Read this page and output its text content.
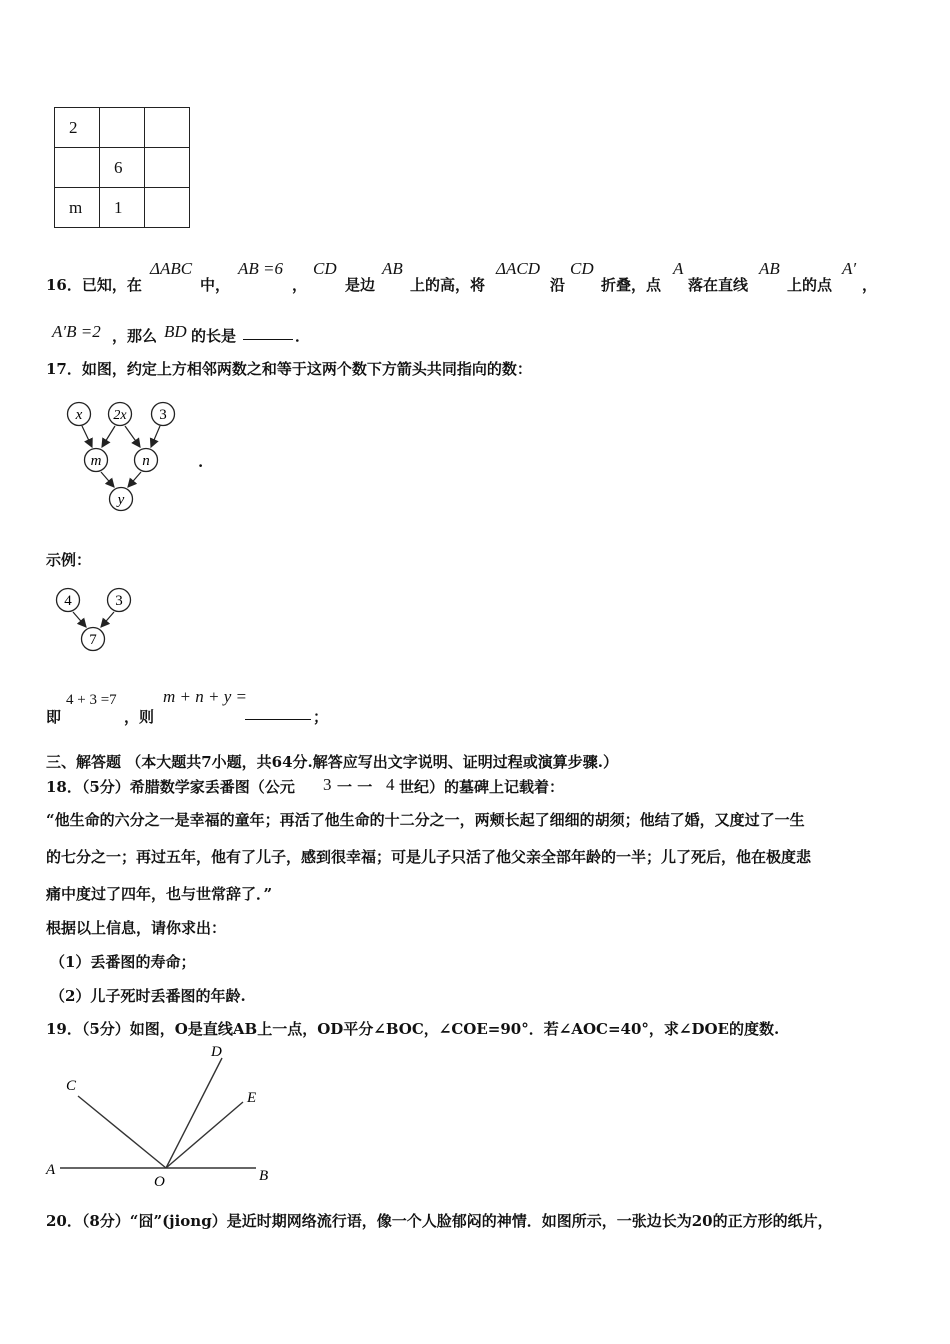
2		
	6	
m	1	
16．已知，在
ΔABC
中，
AB =6
，
CD
是边
AB
上的高，将
ΔACD
沿
CD
折叠，点
A
落在直线
AB
上的点
A′
，
A′B =2 ，那么 BD 的长是	．
17．如图，约定上方相邻两数之和等于这两个数下方箭头共同指向的数：
x 2x 3
m	n
y
.
示例：
4	3
7
即
4 + 3 =7
，则
m + n + y =
；
三、解答题 （本大题共7小题，共64分.解答应写出文字说明、证明过程或演算步骤.）
18．（5分）希腊数学家丢番图（公元 3 一 一 4 世纪）的墓碑上记载着：
“他生命的六分之一是幸福的童年；再活了他生命的十二分之一，两颊长起了细细的胡须；他结了婚，又度过了一生
的七分之一；再过五年，他有了儿子，感到很幸福；可是儿子只活了他父亲全部年龄的一半；儿了死后，他在极度悲
痛中度过了四年，也与世常辞了．”
根据以上信息，请你求出：
（1）丢番图的寿命；
（2）儿子死时丢番图的年龄.
19．（5分）如图，O是直线AB上一点，OD平分∠BOC，∠COE=90°．若∠AOC=40°，求∠DOE的度数.
A	B
C
D
E
O
20．（8分）“囧”(jiong）是近时期网络流行语，像一个人脸郁闷的神情．如图所示，一张边长为20的正方形的纸片，
